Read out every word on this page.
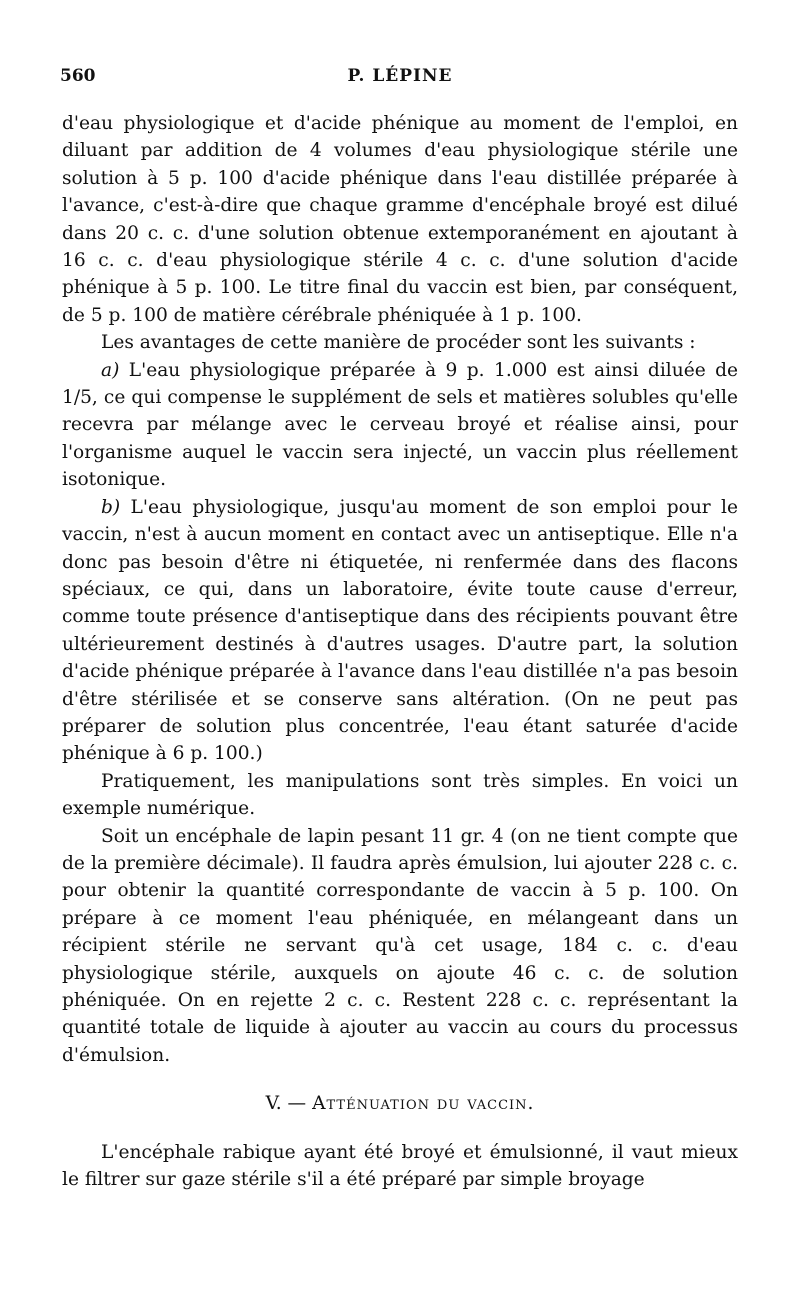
560	P. LÉPINE

d'eau physiologique et d'acide phénique au moment de l'emploi, en diluant par addition de 4 volumes d'eau physiologique stérile une solution à 5 p. 100 d'acide phénique dans l'eau distillée préparée à l'avance, c'est-à-dire que chaque gramme d'encéphale broyé est dilué dans 20 c. c. d'une solution obtenue extemporanément en ajoutant à 16 c. c. d'eau physiologique stérile 4 c. c. d'une solution d'acide phénique à 5 p. 100. Le titre final du vaccin est bien, par conséquent, de 5 p. 100 de matière cérébrale phéniquée à 1 p. 100.

Les avantages de cette manière de procéder sont les suivants :

a) L'eau physiologique préparée à 9 p. 1.000 est ainsi diluée de 1/5, ce qui compense le supplément de sels et matières solubles qu'elle recevra par mélange avec le cerveau broyé et réalise ainsi, pour l'organisme auquel le vaccin sera injecté, un vaccin plus réellement isotonique.

b) L'eau physiologique, jusqu'au moment de son emploi pour le vaccin, n'est à aucun moment en contact avec un antiseptique. Elle n'a donc pas besoin d'être ni étiquetée, ni renfermée dans des flacons spéciaux, ce qui, dans un laboratoire, évite toute cause d'erreur, comme toute présence d'antiseptique dans des récipients pouvant être ultérieurement destinés à d'autres usages. D'autre part, la solution d'acide phénique préparée à l'avance dans l'eau distillée n'a pas besoin d'être stérilisée et se conserve sans altération. (On ne peut pas préparer de solution plus concentrée, l'eau étant saturée d'acide phénique à 6 p. 100.)

Pratiquement, les manipulations sont très simples. En voici un exemple numérique.

Soit un encéphale de lapin pesant 11 gr. 4 (on ne tient compte que de la première décimale). Il faudra après émulsion, lui ajouter 228 c. c. pour obtenir la quantité correspondante de vaccin à 5 p. 100. On prépare à ce moment l'eau phéniquée, en mélangeant dans un récipient stérile ne servant qu'à cet usage, 184 c. c. d'eau physiologique stérile, auxquels on ajoute 46 c. c. de solution phéniquée. On en rejette 2 c. c. Restent 228 c. c. représentant la quantité totale de liquide à ajouter au vaccin au cours du processus d'émulsion.

V. — Atténuation du vaccin.

L'encéphale rabique ayant été broyé et émulsionné, il vaut mieux le filtrer sur gaze stérile s'il a été préparé par simple broyage
